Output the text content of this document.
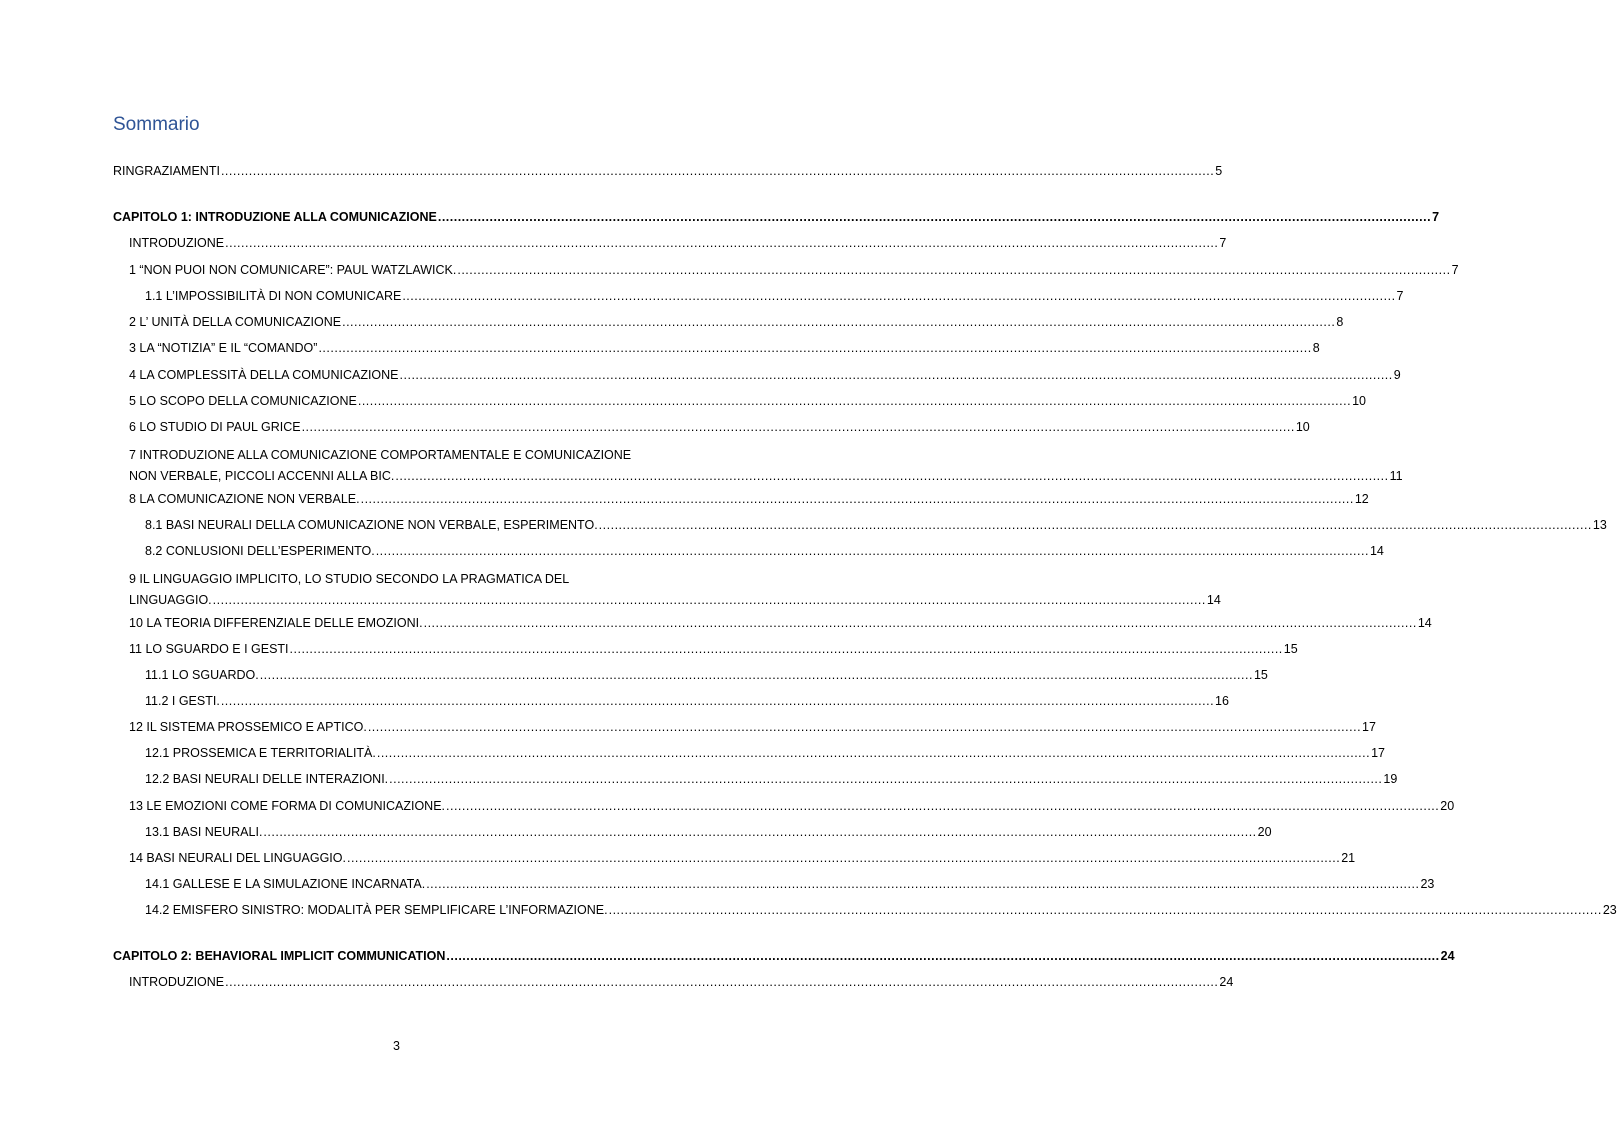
Sommario
RINGRAZIAMENTI .....	5
CAPITOLO 1: INTRODUZIONE ALLA COMUNICAZIONE .....	7
INTRODUZIONE .....	7
1 “NON PUOI NON COMUNICARE”: PAUL WATZLAWICK. .....	7
1.1 L’IMPOSSIBILITÀ DI NON COMUNICARE .....	7
2 L’ UNITÀ DELLA COMUNICAZIONE .....	8
3 LA “NOTIZIA” E IL “COMANDO” .....	8
4 LA COMPLESSITÀ DELLA COMUNICAZIONE .....	9
5 LO SCOPO DELLA COMUNICAZIONE .....	10
6 LO STUDIO DI PAUL GRICE .....	10
7 INTRODUZIONE ALLA COMUNICAZIONE COMPORTAMENTALE E COMUNICAZIONE
NON VERBALE, PICCOLI ACCENNI ALLA BIC. .....	11
8 LA COMUNICAZIONE NON VERBALE. .....	12
8.1 BASI NEURALI DELLA COMUNICAZIONE NON VERBALE, ESPERIMENTO. .....	13
8.2 CONLUSIONI DELL’ESPERIMENTO. .....	14
9 IL LINGUAGGIO IMPLICITO, LO STUDIO SECONDO LA PRAGMATICA DEL
LINGUAGGIO. .....	14
10 LA TEORIA DIFFERENZIALE DELLE EMOZIONI. .....	14
11 LO SGUARDO E I GESTI .....	15
11.1 LO SGUARDO. .....	15
11.2 I GESTI. .....	16
12 IL SISTEMA PROSSEMICO E APTICO. .....	17
12.1 PROSSEMICA E TERRITORIALITÀ. .....	17
12.2 BASI NEURALI DELLE INTERAZIONI. .....	19
13 LE EMOZIONI COME FORMA DI COMUNICAZIONE. .....	20
13.1 BASI NEURALI. .....	20
14 BASI NEURALI DEL LINGUAGGIO. .....	21
14.1 GALLESE E LA SIMULAZIONE INCARNATA. .....	23
14.2 EMISFERO SINISTRO: MODALITÀ PER SEMPLIFICARE L’INFORMAZIONE. .....	23
CAPITOLO 2: BEHAVIORAL IMPLICIT COMMUNICATION .....	24
INTRODUZIONE .....	24
3
